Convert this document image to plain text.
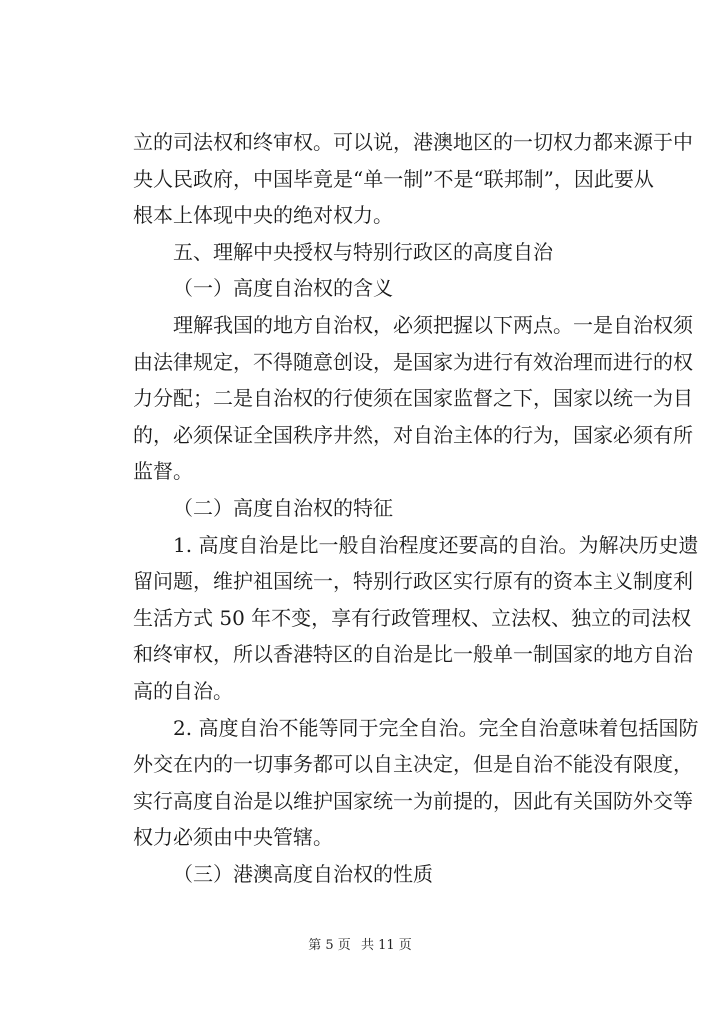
立的司法权和终审权。可以说，港澳地区的一切权力都来源于中
央人民政府，中国毕竟是“单一制”不是“联邦制”，因此要从
根本上体现中央的绝对权力。
五、理解中央授权与特别行政区的高度自治
（一）高度自治权的含义
理解我国的地方自治权，必须把握以下两点。一是自治权须
由法律规定，不得随意创设，是国家为进行有效治理而进行的权
力分配；二是自治权的行使须在国家监督之下，国家以统一为目
的，必须保证全国秩序井然，对自治主体的行为，国家必须有所
监督。
（二）高度自治权的特征
1. 高度自治是比一般自治程度还要高的自治。为解决历史遗
留问题，维护祖国统一，特别行政区实行原有的资本主义制度利
生活方式 50 年不变，享有行政管理权、立法权、独立的司法权
和终审权，所以香港特区的自治是比一般单一制国家的地方自治
高的自治。
2. 高度自治不能等同于完全自治。完全自治意味着包括国防
外交在内的一切事务都可以自主决定，但是自治不能没有限度，
实行高度自治是以维护国家统一为前提的，因此有关国防外交等
权力必须由中央管辖。
（三）港澳高度自治权的性质
第 5 页 共 11 页
